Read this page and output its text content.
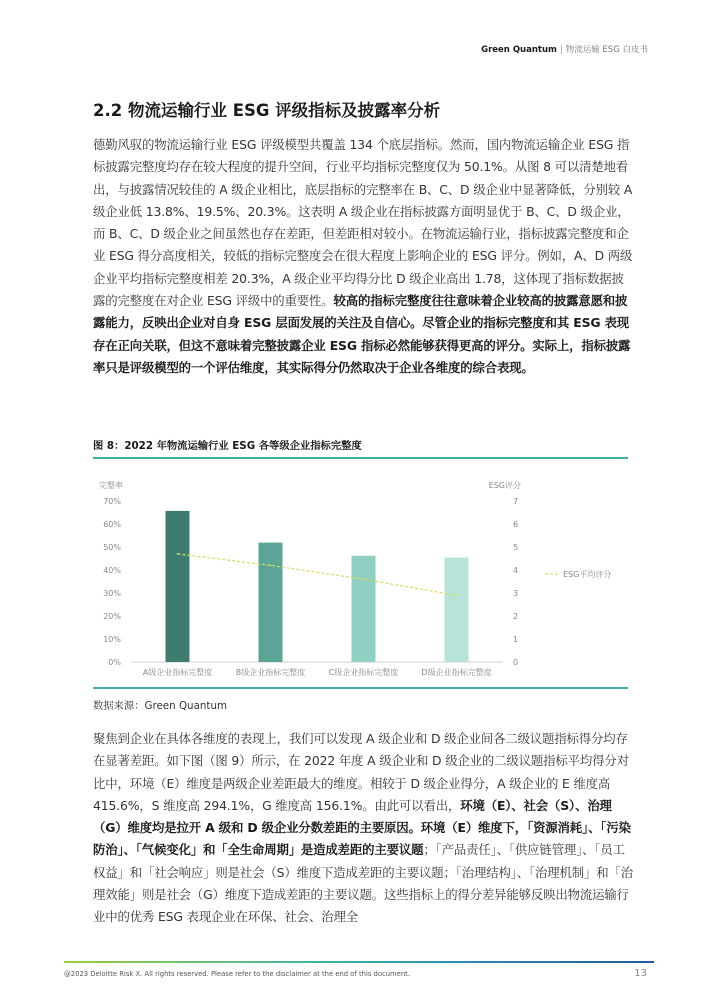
Green Quantum | 物流运输 ESG 白皮书
2.2 物流运输行业 ESG 评级指标及披露率分析

德勤风驭的物流运输行业 ESG 评级模型共覆盖 134 个底层指标。然而，国内物流运输企业 ESG 指标披露完整度均存在较大程度的提升空间，行业平均指标完整度仅为 50.1%。从图 8 可以清楚地看出，与披露情况较佳的 A 级企业相比，底层指标的完整率在 B、C、D 级企业中显著降低，分别较 A 级企业低 13.8%、19.5%、20.3%。这表明 A 级企业在指标披露方面明显优于 B、C、D 级企业，而 B、C、D 级企业之间虽然也存在差距，但差距相对较小。在物流运输行业，指标披露完整度和企业 ESG 得分高度相关，较低的指标完整度会在很大程度上影响企业的 ESG 评分。例如，A、D 两级企业平均指标完整度相差 20.3%，A 级企业平均得分比 D 级企业高出 1.78，这体现了指标数据披露的完整度在对企业 ESG 评级中的重要性。较高的指标完整度往往意味着企业较高的披露意愿和披露能力，反映出企业对自身 ESG 层面发展的关注及自信心。尽管企业的指标完整度和其 ESG 表现存在正向关联，但这不意味着完整披露企业 ESG 指标必然能够获得更高的评分。实际上，指标披露率只是评级模型的一个评估维度，其实际得分仍然取决于企业各维度的综合表现。

图 8：2022 年物流运输行业 ESG 各等级企业指标完整度

完整率	ESG评分
0%
10%
20%
30%
40%
50%
60%
70%
0
1
2
3
4
5
6
7
A级企业指标完整度	B级企业指标完整度	C级企业指标完整度	D级企业指标完整度
ESG平均评分

数据来源：Green Quantum

聚焦到企业在具体各维度的表现上，我们可以发现 A 级企业和 D 级企业间各二级议题指标得分均存在显著差距。如下图（图 9）所示，在 2022 年度 A 级企业和 D 级企业的二级议题指标平均得分对比中，环境（E）维度是两级企业差距最大的维度。相较于 D 级企业得分，A 级企业的 E 维度高 415.6%，S 维度高 294.1%，G 维度高 156.1%。由此可以看出，环境（E）、社会（S）、治理（G）维度均是拉开 A 级和 D 级企业分数差距的主要原因。环境（E）维度下，「资源消耗」、「污染防治」、「气候变化」和「全生命周期」是造成差距的主要议题；「产品责任」、「供应链管理」、「员工权益」和「社会响应」则是社会（S）维度下造成差距的主要议题；「治理结构」、「治理机制」和「治理效能」则是社会（G）维度下造成差距的主要议题。这些指标上的得分差异能够反映出物流运输行业中的优秀 ESG 表现企业在环保、社会、治理全

@2023 Deloitte Risk X. All rights reserved. Please refer to the disclaimer at the end of this document.	13
